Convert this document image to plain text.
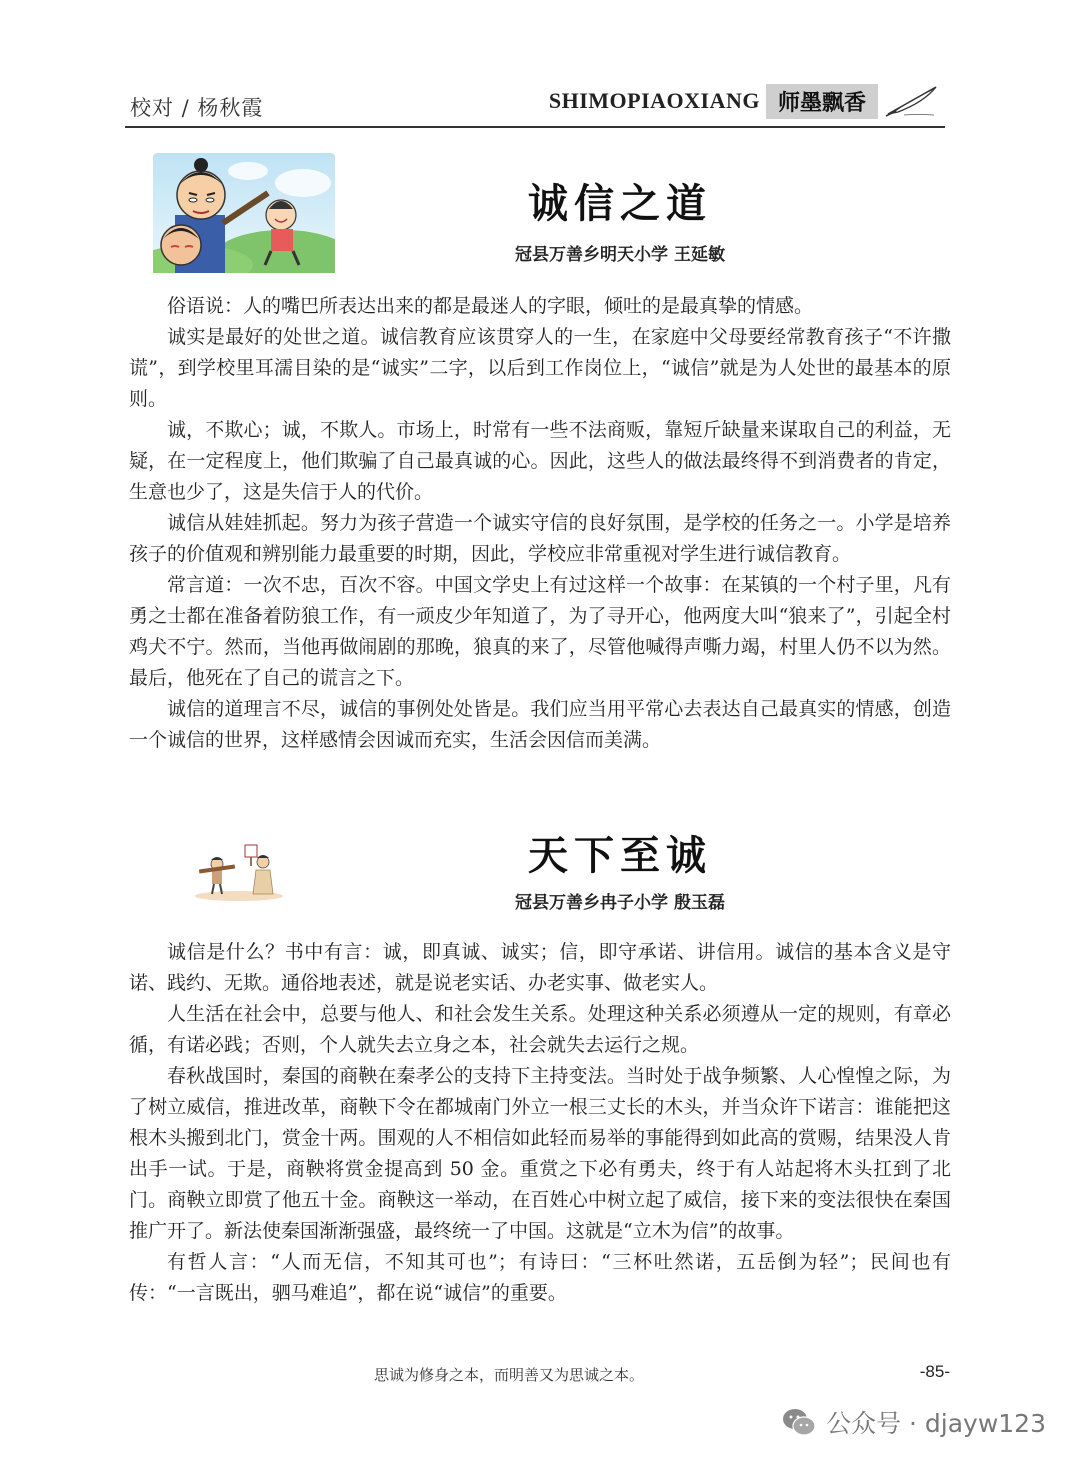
校对 / 杨秋霞	SHIMOPIAOXIANG 师墨飘香
诚信之道
冠县万善乡明天小学 王延敏

俗语说：人的嘴巴所表达出来的都是最迷人的字眼，倾吐的是最真挚的情感。

诚实是最好的处世之道。诚信教育应该贯穿人的一生，在家庭中父母要经常教育孩子“不许撒谎”，到学校里耳濡目染的是“诚实”二字，以后到工作岗位上，“诚信”就是为人处世的最基本的原则。

诚，不欺心；诚，不欺人。市场上，时常有一些不法商贩，靠短斤缺量来谋取自己的利益，无疑，在一定程度上，他们欺骗了自己最真诚的心。因此，这些人的做法最终得不到消费者的肯定，生意也少了，这是失信于人的代价。

诚信从娃娃抓起。努力为孩子营造一个诚实守信的良好氛围，是学校的任务之一。小学是培养孩子的价值观和辨别能力最重要的时期，因此，学校应非常重视对学生进行诚信教育。

常言道：一次不忠，百次不容。中国文学史上有过这样一个故事：在某镇的一个村子里，凡有勇之士都在准备着防狼工作，有一顽皮少年知道了，为了寻开心，他两度大叫“狼来了”，引起全村鸡犬不宁。然而，当他再做闹剧的那晚，狼真的来了，尽管他喊得声嘶力竭，村里人仍不以为然。最后，他死在了自己的谎言之下。

诚信的道理言不尽，诚信的事例处处皆是。我们应当用平常心去表达自己最真实的情感，创造一个诚信的世界，这样感情会因诚而充实，生活会因信而美满。

天下至诚
冠县万善乡冉子小学 殷玉磊

诚信是什么？书中有言：诚，即真诚、诚实；信，即守承诺、讲信用。诚信的基本含义是守诺、践约、无欺。通俗地表述，就是说老实话、办老实事、做老实人。

人生活在社会中，总要与他人、和社会发生关系。处理这种关系必须遵从一定的规则，有章必循，有诺必践；否则，个人就失去立身之本，社会就失去运行之规。

春秋战国时，秦国的商鞅在秦孝公的支持下主持变法。当时处于战争频繁、人心惶惶之际，为了树立威信，推进改革，商鞅下令在都城南门外立一根三丈长的木头，并当众许下诺言：谁能把这根木头搬到北门，赏金十两。围观的人不相信如此轻而易举的事能得到如此高的赏赐，结果没人肯出手一试。于是，商鞅将赏金提高到 50 金。重赏之下必有勇夫，终于有人站起将木头扛到了北门。商鞅立即赏了他五十金。商鞅这一举动，在百姓心中树立起了威信，接下来的变法很快在秦国推广开了。新法使秦国渐渐强盛，最终统一了中国。这就是“立木为信”的故事。

有哲人言：“人而无信，不知其可也”；有诗曰：“三杯吐然诺，五岳倒为轻”；民间也有传：“一言既出，驷马难追”，都在说“诚信”的重要。

思诚为修身之本，而明善又为思诚之本。	-85-
公众号 · djayw123
